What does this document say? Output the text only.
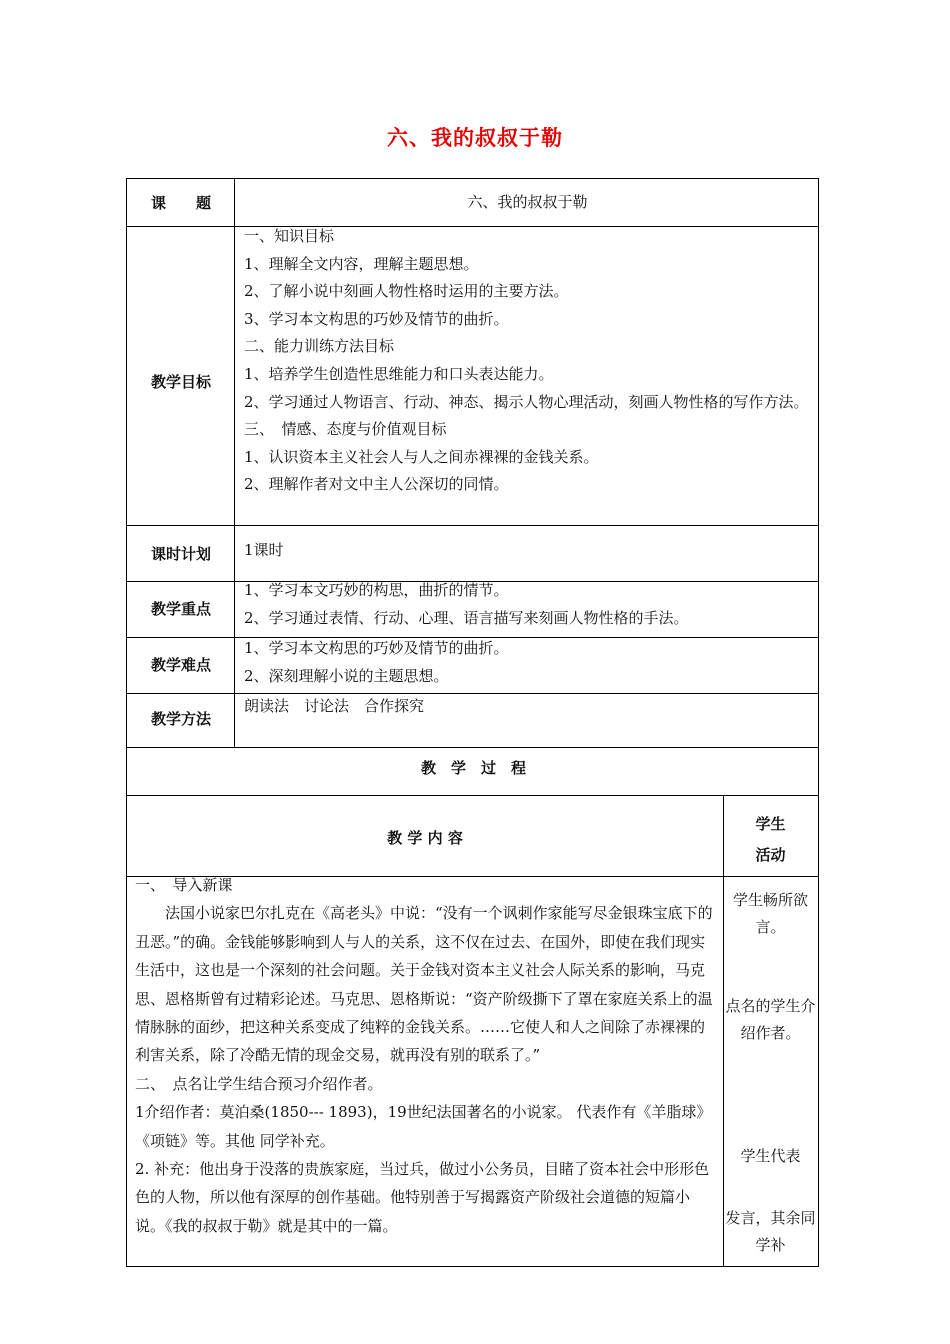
六、我的叔叔于勒
课　　题	六、我的叔叔于勒
教学目标

一、知识目标

1、理解全文内容，理解主题思想。

2、了解小说中刻画人物性格时运用的主要方法。

3、学习本文构思的巧妙及情节的曲折。

二、能力训练方法目标

1、培养学生创造性思维能力和口头表达能力。

2、学习通过人物语言、行动、神态、揭示人物心理活动，刻画人物性格的写作方法。

三、　情感、态度与价值观目标

1、认识资本主义社会人与人之间赤裸裸的金钱关系。

2、理解作者对文中主人公深切的同情。

课时计划	1课时
教学重点

1、学习本文巧妙的构思，曲折的情节。

2、学习通过表情、行动、心理、语言描写来刻画人物性格的手法。

教学难点

1、学习本文构思的巧妙及情节的曲折。

2、深刻理解小说的主题思想。

教学方法
朗读法　讨论法　合作探究
教　学　过　程
教 学 内 容

学生

活动

一、　导入新课

法国小说家巴尔扎克在《高老头》中说：“没有一个讽刺作家能写尽金银珠宝底下的丑恶。”的确。金钱能够影响到人与人的关系，这不仅在过去、在国外，即使在我们现实生活中，这也是一个深刻的社会问题。关于金钱对资本主义社会人际关系的影响，马克思、恩格斯曾有过精彩论述。马克思、恩格斯说：“资产阶级撕下了罩在家庭关系上的温情脉脉的面纱，把这种关系变成了纯粹的金钱关系。……它使人和人之间除了赤裸裸的利害关系，除了冷酷无情的现金交易，就再没有别的联系了。”

二、　点名让学生结合预习介绍作者。

1介绍作者：莫泊桑(1850--- 1893)，19世纪法国著名的小说家。 代表作有《羊脂球》《项链》等。其他 同学补充。

2. 补充：他出身于没落的贵族家庭，当过兵，做过小公务员，目睹了资本社会中形形色色的人物，所以他有深厚的创作基础。他特别善于写揭露资产阶级社会道德的短篇小说。《我的叔叔于勒》就是其中的一篇。

学生畅所欲言。
点名的学生介绍作者。
学生代表
发言，其余同学补
